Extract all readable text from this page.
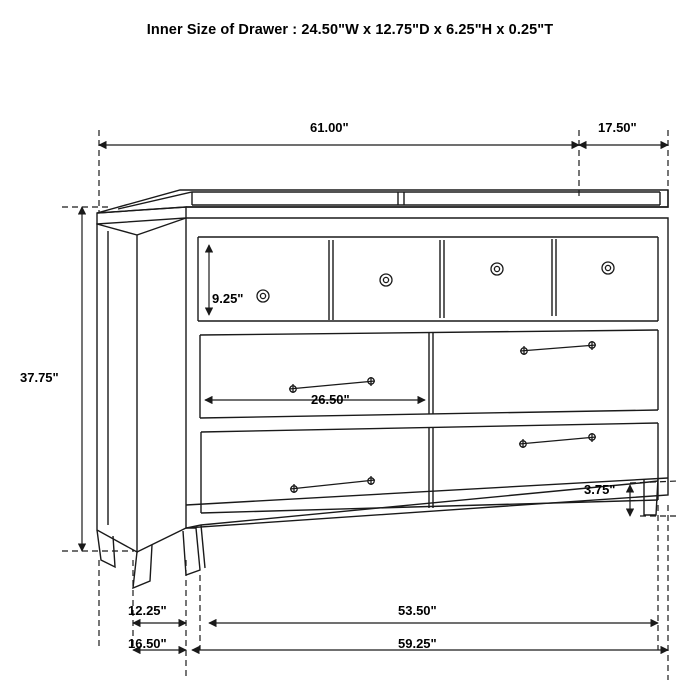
Inner Size of Drawer : 24.50"W x 12.75"D x 6.25"H x 0.25"T
61.00"	17.50"
37.75"
9.25"
26.50"
3.75"
12.25"
16.50"
53.50"
59.25"
